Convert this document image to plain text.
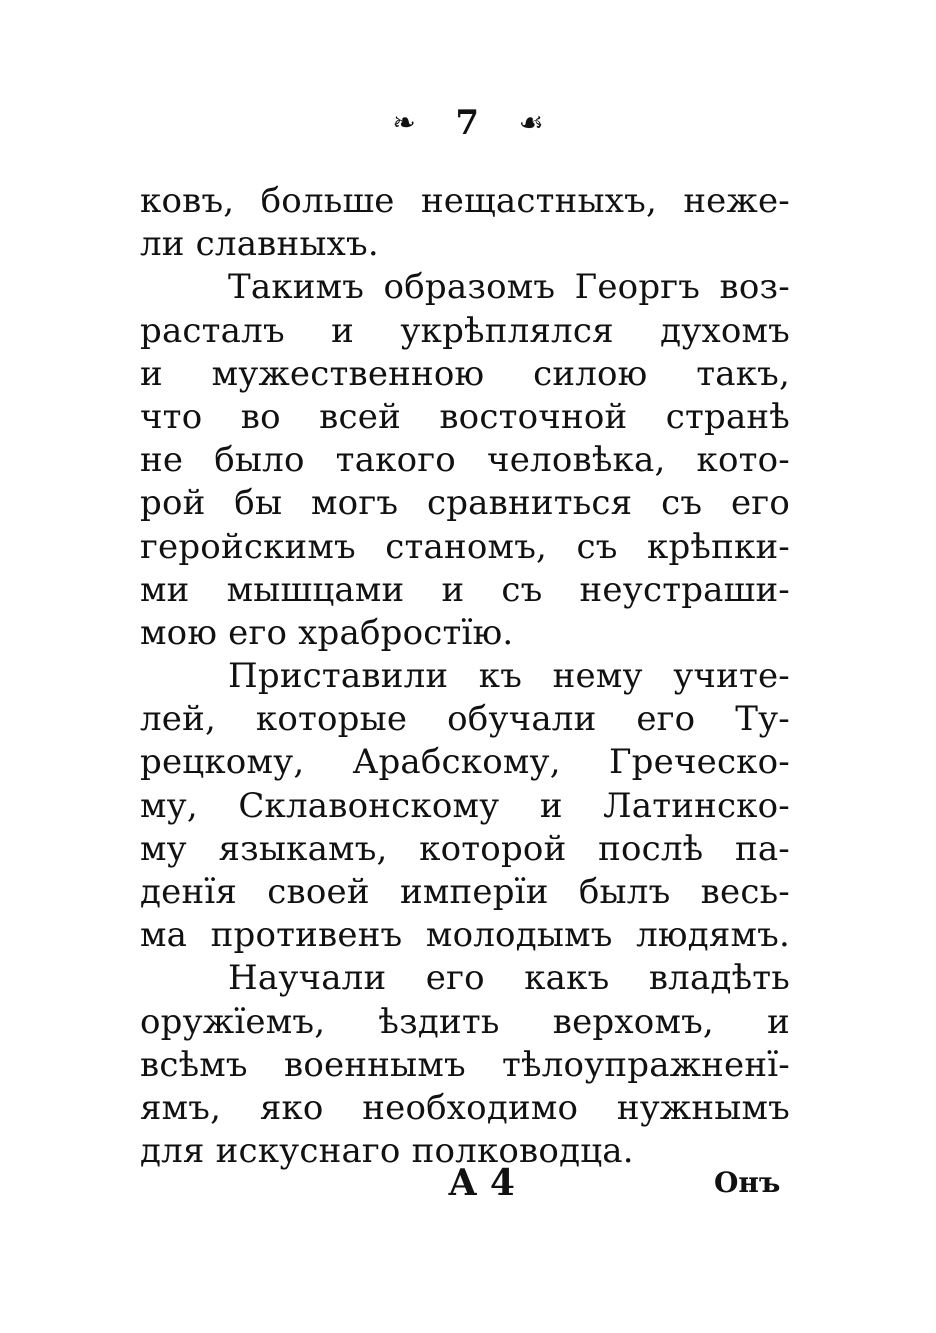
❧ 7 ☙
ковъ, больше нещастныхъ, нежe-
ли славныхъ.
Такимъ образомъ Георгъ воз-
растaлъ и укрѣплялся духомъ
и мужественною силою такъ,
что во всей восточной странѣ
не было такого человѣка, кото-
рой бы могъ сравниться съ его
геройскимъ станомъ, съ крѣпки-
ми мышцами и съ неустраши-
мою его храбростїю.
Приставили къ нему учите-
лей, которые обучали его Ту-
рецкому, Арабскому, Греческо-
му, Склавонскому и Латинско-
му языкамъ, которой послѣ па-
денїя своей имперїи былъ весь-
ма противенъ молодымъ людямъ.
Научали его какъ владѣть
оружїемъ, ѣздить верхомъ, и
всѣмъ военнымъ тѣлоупражненї-
ямъ, яко необходимо нужнымъ
для искуснаго полководца.
А 4	Онъ
